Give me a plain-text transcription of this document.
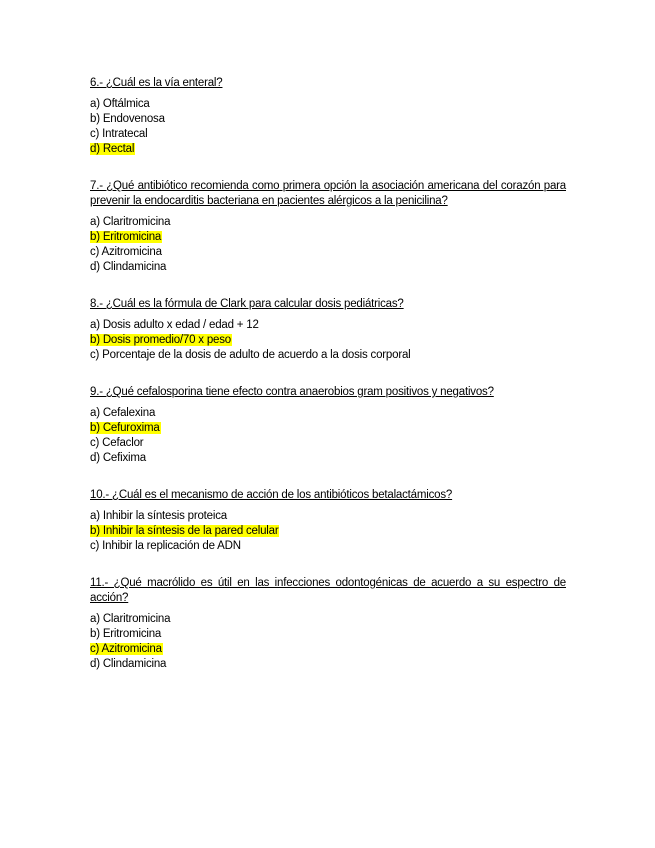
6.- ¿Cuál es la vía enteral?

a) Oftálmica
b) Endovenosa
c) Intratecal
d) Rectal

7.- ¿Qué antibiótico recomienda como primera opción la asociación americana del corazón para prevenir la endocarditis bacteriana en pacientes alérgicos a la penicilina?

a) Claritromicina
b) Eritromicina
c) Azitromicina
d) Clindamicina

8.- ¿Cuál es la fórmula de Clark para calcular dosis pediátricas?

a) Dosis adulto x edad / edad + 12
b) Dosis promedio/70 x peso
c) Porcentaje de la dosis de adulto de acuerdo a la dosis corporal

9.- ¿Qué cefalosporina tiene efecto contra anaerobios gram positivos y negativos?

a) Cefalexina
b) Cefuroxima
c) Cefaclor
d) Cefixima

10.- ¿Cuál es el mecanismo de acción de los antibióticos betalactámicos?

a) Inhibir la síntesis proteica
b) Inhibir la síntesis de la pared celular
c) Inhibir la replicación de ADN

11.- ¿Qué macrólido es útil en las infecciones odontogénicas de acuerdo a su espectro de acción?

a) Claritromicina
b) Eritromicina
c) Azitromicina
d) Clindamicina
